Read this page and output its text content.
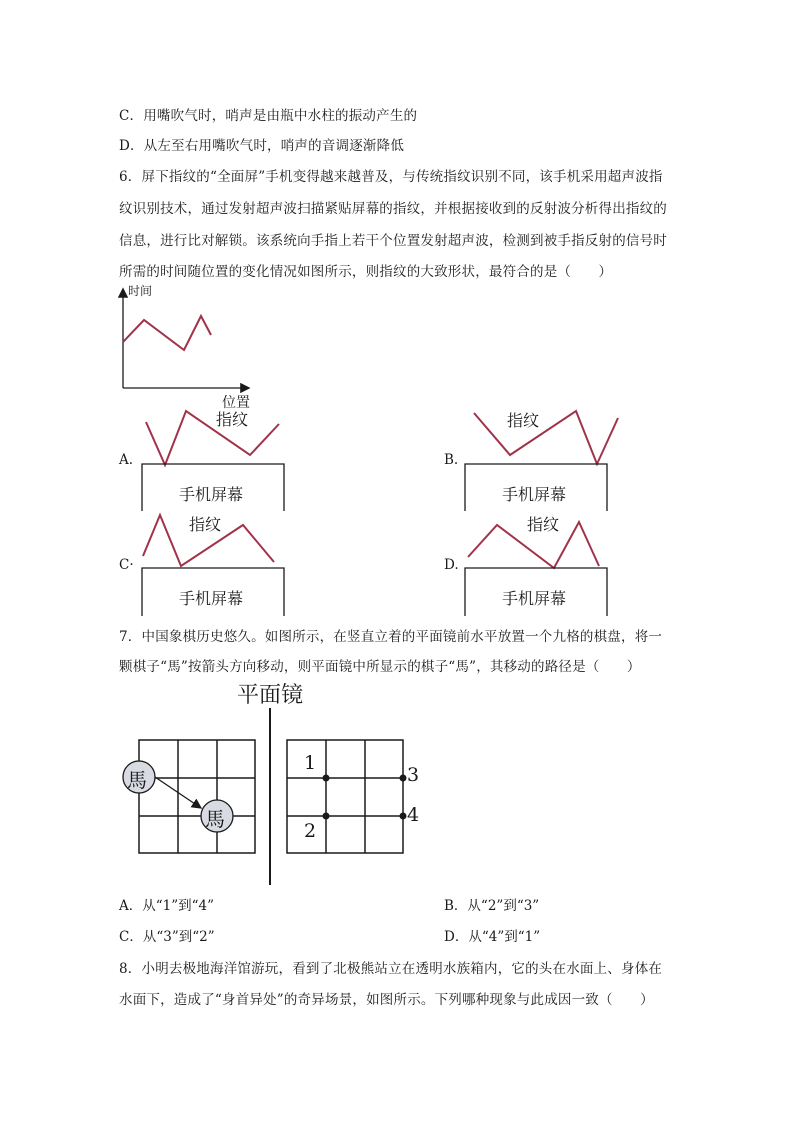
C．用嘴吹气时，哨声是由瓶中水柱的振动产生的
D．从左至右用嘴吹气时，哨声的音调逐渐降低
6．屏下指纹的“全面屏”手机变得越来越普及，与传统指纹识别不同，该手机采用超声波指
纹识别技术，通过发射超声波扫描紧贴屏幕的指纹，并根据接收到的反射波分析得出指纹的
信息，进行比对解锁。该系统向手指上若干个位置发射超声波，检测到被手指反射的信号时
所需的时间随位置的变化情况如图所示，则指纹的大致形状，最符合的是（　　）
时间
位置
A.
指纹
手机屏幕
B.
指纹
手机屏幕
C·
指纹
手机屏幕
D.
指纹
手机屏幕
7．中国象棋历史悠久。如图所示，在竖直立着的平面镜前水平放置一个九格的棋盘，将一
颗棋子“馬”按箭头方向移动，则平面镜中所显示的棋子“馬”，其移动的路径是（　　）
平面镜
馬
馬
1
2
3
4
A．从“1”到“4”	B．从“2”到“3”
C．从“3”到“2”	D．从“4”到“1”
8．小明去极地海洋馆游玩，看到了北极熊站立在透明水族箱内，它的头在水面上、身体在
水面下，造成了“身首异处”的奇异场景，如图所示。下列哪种现象与此成因一致（　　）
